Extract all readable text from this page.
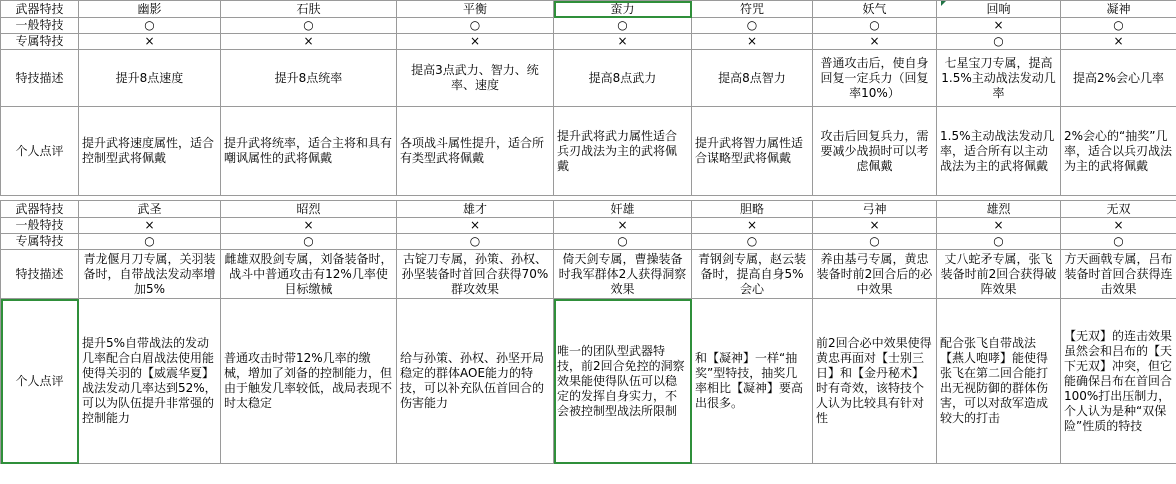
武器特技	幽影	石肤	平衡	蛮力	符咒	妖气	回响	凝神
一般特技	○	○	○	○	○	○	×	○
专属特技	×	×	×	×	×	×	○	×
特技描述	提升8点速度	提升8点统率	提高3点武力、智力、统率、速度	提高8点武力	提高8点智力	普通攻击后，使自身回复一定兵力（回复率10%）	七星宝刀专属，提高1.5%主动战法发动几率	提高2%会心几率
个人点评	提升武将速度属性，适合控制型武将佩戴	提升武将统率，适合主将和具有嘲讽属性的武将佩戴	各项战斗属性提升，适合所有类型武将佩戴	提升武将武力属性适合兵刃战法为主的武将佩戴	提升武将智力属性适合谋略型武将佩戴	攻击后回复兵力，需要减少战损时可以考虑佩戴	1.5%主动战法发动几率，适合所有以主动战法为主的武将佩戴	2%会心的“抽奖”几率，适合以兵刃战法为主的武将佩戴

武器特技	武圣	昭烈	雄才	奸雄	胆略	弓神	雄烈	无双
一般特技	×	×	×	×	×	×	×	×
专属特技	○	○	○	○	○	○	○	○
特技描述	青龙偃月刀专属，关羽装备时，自带战法发动率增加5%	雌雄双股剑专属，刘备装备时，战斗中普通攻击有12%几率使目标缴械	古锭刀专属，孙策、孙权、孙坚装备时首回合获得70%群攻效果	倚天剑专属，曹操装备时我军群体2人获得洞察效果	青钢剑专属，赵云装备时，提高自身5%会心	养由基弓专属，黄忠装备时前2回合后的必中效果	丈八蛇矛专属，张飞装备时前2回合获得破阵效果	方天画戟专属，吕布装备时首回合获得连击效果
个人点评	提升5%自带战法的发动几率配合白眉战法使用能使得关羽的【威震华夏】战法发动几率达到52%，可以为队伍提升非常强的控制能力	普通攻击时带12%几率的缴械，增加了刘备的控制能力，但由于触发几率较低，战局表现不时太稳定	给与孙策、孙权、孙坚开局稳定的群体AOE能力的特技，可以补充队伍首回合的伤害能力	唯一的团队型武器特技，前2回合免控的洞察效果能使得队伍可以稳定的发挥自身实力，不会被控制型战法所限制	和【凝神】一样“抽奖”型特技，抽奖几率相比【凝神】要高出很多。	前2回合必中效果使得黄忠再面对【士别三日】和【金丹秘术】时有奇效，该特技个人认为比较具有针对性	配合张飞自带战法【燕人咆哮】能使得张飞在第二回合能打出无视防御的群体伤害，可以对敌军造成较大的打击	【无双】的连击效果虽然会和吕布的【天下无双】冲突，但它能确保吕布在首回合100%打出压制力，个人认为是种“双保险”性质的特技
